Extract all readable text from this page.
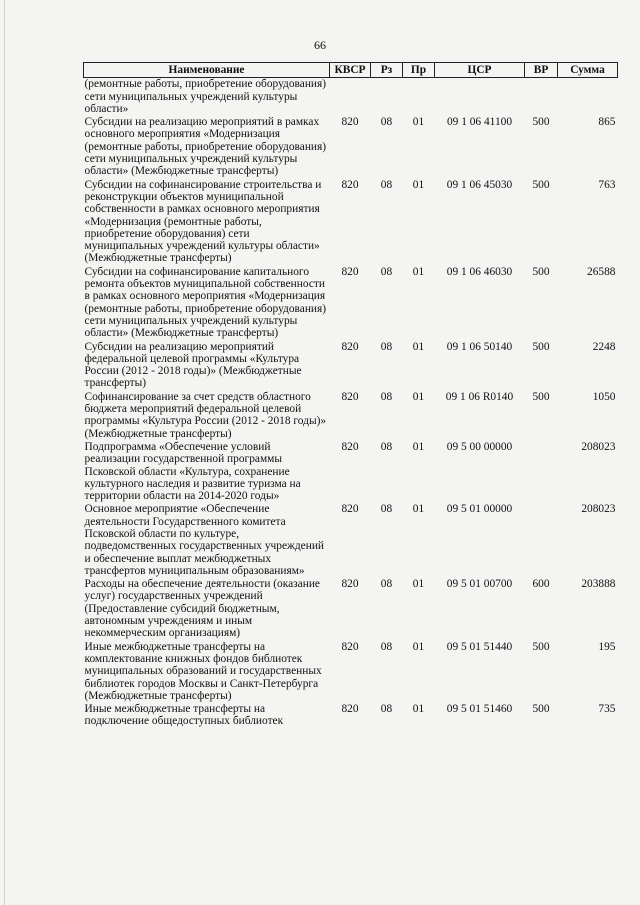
66
Наименование	КВСР	Рз	Пр	ЦСР	ВР	Сумма
(ремонтные работы, приобретение оборудования) сети муниципальных учреждений культуры области»						
Субсидии на реализацию мероприятий в рамках основного мероприятия «Модернизация (ремонтные работы, приобретение оборудования) сети муниципальных учреждений культуры области» (Межбюджетные трансферты)	820	08	01	09 1 06 41100	500	865
Субсидии на софинансирование строительства и реконструкции объектов муниципальной собственности в рамках основного мероприятия «Модернизация (ремонтные работы, приобретение оборудования) сети муниципальных учреждений культуры области» (Межбюджетные трансферты)	820	08	01	09 1 06 45030	500	763
Субсидии на софинансирование капитального ремонта объектов муниципальной собственности в рамках основного мероприятия «Модернизация (ремонтные работы, приобретение оборудования) сети муниципальных учреждений культуры области» (Межбюджетные трансферты)	820	08	01	09 1 06 46030	500	26588
Субсидии на реализацию мероприятий федеральной целевой программы «Культура России (2012 - 2018 годы)» (Межбюджетные трансферты)	820	08	01	09 1 06 50140	500	2248
Софинансирование за счет средств областного бюджета мероприятий федеральной целевой программы «Культура России (2012 - 2018 годы)» (Межбюджетные трансферты)	820	08	01	09 1 06 R0140	500	1050
Подпрограмма «Обеспечение условий реализации государственной программы Псковской области «Культура, сохранение культурного наследия и развитие туризма на территории области на 2014-2020 годы»	820	08	01	09 5 00 00000		208023
Основное мероприятие «Обеспечение деятельности Государственного комитета Псковской области по культуре, подведомственных государственных учреждений и обеспечение выплат межбюджетных трансфертов муниципальным образованиям»	820	08	01	09 5 01 00000		208023
Расходы на обеспечение деятельности (оказание услуг) государственных учреждений (Предоставление субсидий бюджетным, автономным учреждениям и иным некоммерческим организациям)	820	08	01	09 5 01 00700	600	203888
Иные межбюджетные трансферты на комплектование книжных фондов библиотек муниципальных образований и государственных библиотек городов Москвы и Санкт-Петербурга (Межбюджетные трансферты)	820	08	01	09 5 01 51440	500	195
Иные межбюджетные трансферты на подключение общедоступных библиотек	820	08	01	09 5 01 51460	500	735
